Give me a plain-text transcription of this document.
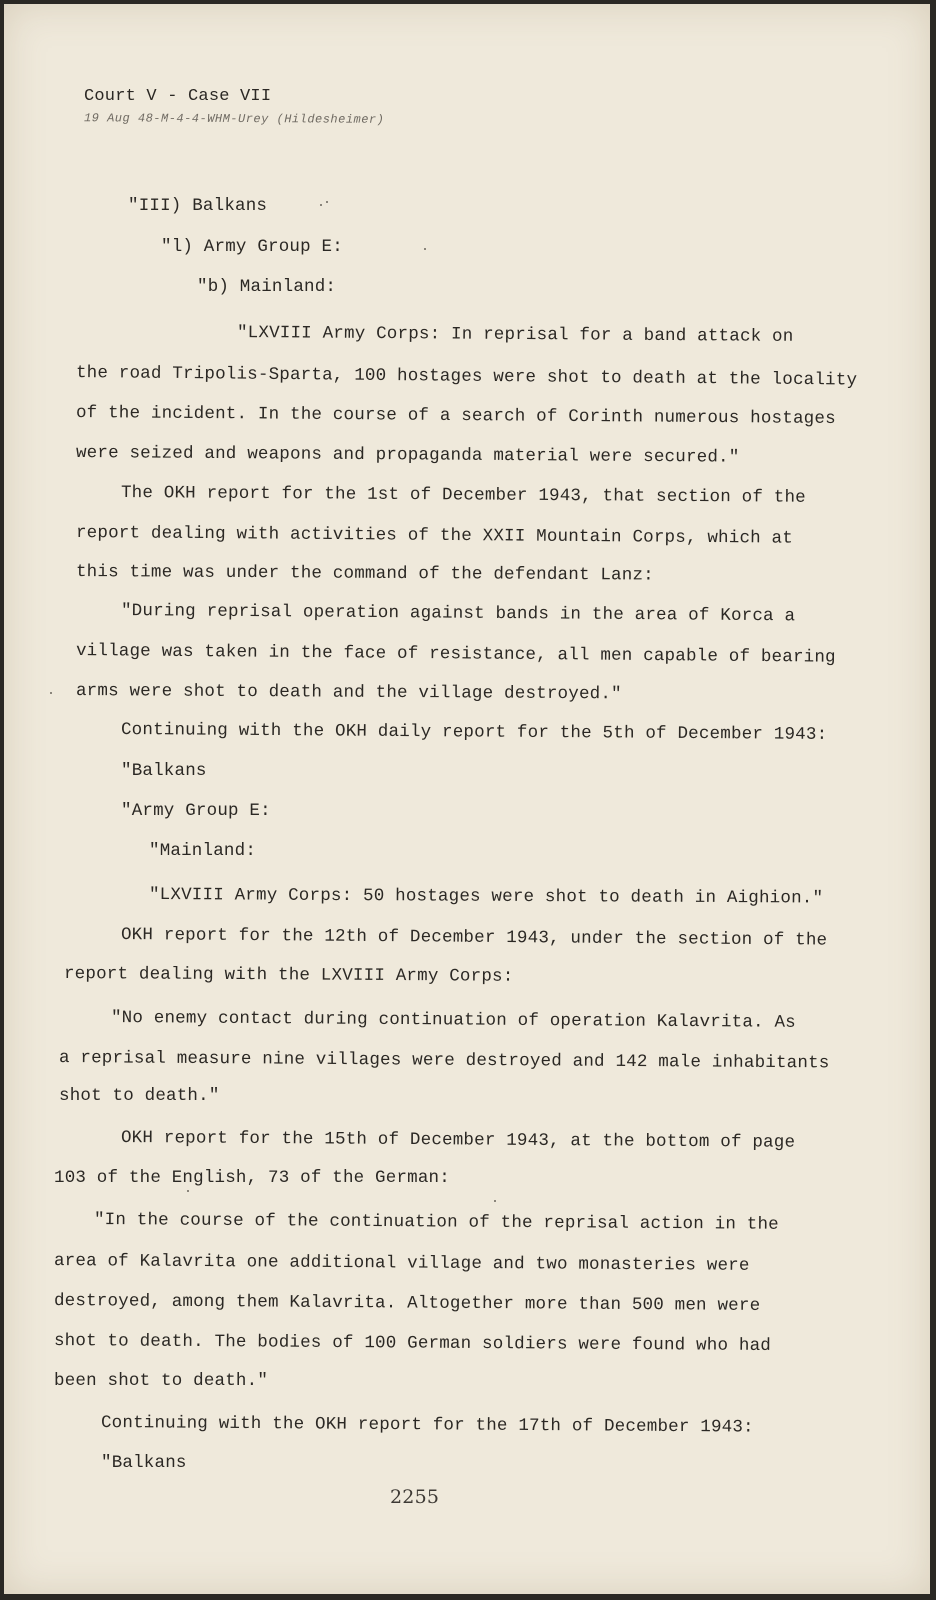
Court V - Case VII
19 Aug 48-M-4-4-WHM-Urey (Hildesheimer)
"III) Balkans
"l) Army Group E:
"b) Mainland:
"LXVIII Army Corps: In reprisal for a band attack on
the road Tripolis-Sparta, 100 hostages were shot to death at the locality
of the incident. In the course of a search of Corinth numerous hostages
were seized and weapons and propaganda material were secured."
The OKH report for the 1st of December 1943, that section of the
report dealing with activities of the XXII Mountain Corps, which at
this time was under the command of the defendant Lanz:
"During reprisal operation against bands in the area of Korca a
village was taken in the face of resistance, all men capable of bearing
arms were shot to death and the village destroyed."
Continuing with the OKH daily report for the 5th of December 1943:
"Balkans
"Army Group E:
"Mainland:
"LXVIII Army Corps: 50 hostages were shot to death in Aighion."
OKH report for the 12th of December 1943, under the section of the
report dealing with the LXVIII Army Corps:
"No enemy contact during continuation of operation Kalavrita. As
a reprisal measure nine villages were destroyed and 142 male inhabitants
shot to death."
OKH report for the 15th of December 1943, at the bottom of page
103 of the English, 73 of the German:
"In the course of the continuation of the reprisal action in the
area of Kalavrita one additional village and two monasteries were
destroyed, among them Kalavrita. Altogether more than 500 men were
shot to death. The bodies of 100 German soldiers were found who had
been shot to death."
Continuing with the OKH report for the 17th of December 1943:
"Balkans
2255
